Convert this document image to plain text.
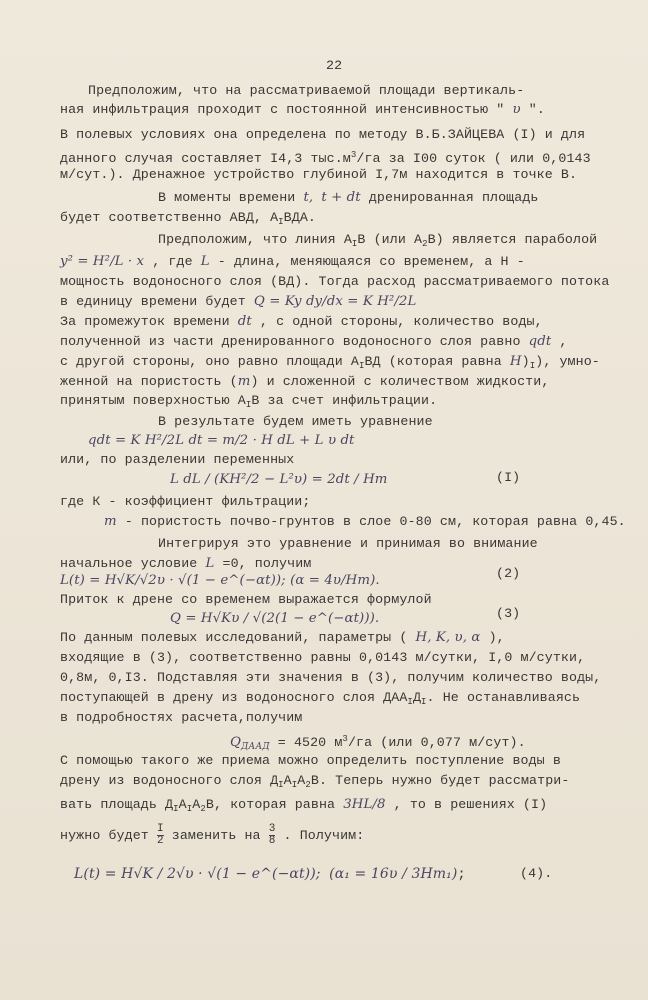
22
Предположим, что на рассматриваемой площади вертикаль-
ная инфильтрация проходит с постоянной интенсивностью " υ ".
В полевых условиях она определена по методу В.Б.ЗАЙЦЕВА (I) и для
данного случая составляет I4,3 $тыс.м^3/га$ за I00 суток ( или 0,0143
м/сут.). Дренажное устройство глубиной I,7м находится в точке В.
В моменты времени t, t + dt дренированная площадь
будет соответственно АВД, $А_IВДА$.
Предположим, что линия $А_IВ$ (или $А_2В$) является параболой
y² = H²/L · x , где L - длина, меняющаяся со временем, а Н -
мощность водоносного слоя (ВД). Тогда расход рассматриваемого потока
в единицу времени будет Q = Ky dy/dx = K H²/2L
За промежуток времени dt , с одной стороны, количество воды,
полученной из части дренированного водоносного слоя равно qdt ,
с другой стороны, оно равно площади $А_IВД$ (которая равна $H)_I$), умно-
женной на пористость (m) и сложенной с количеством жидкости,
принятым поверхностью $А_IВ$ за счет инфильтрации.
В результате будем иметь уравнение
qdt = K H²/2L dt = m/2 · H dL + L υ dt
или, по разделении переменных
L dL / (KH²/2 − L²υ) = 2dt / Hm	(I)
где К - коэффициент фильтрации;
m - пористость почво-грунтов в слое 0-80 см, которая равна 0,45.
Интегрируя это уравнение и принимая во внимание
начальное условие L =0, получим
L(t) = H√K/√2υ · √(1 − e^(−αt)); (α = 4υ/Hm).	(2)
Приток к дрене со временем выражается формулой
Q = H√Kυ / √(2(1 − e^(−αt))).	(3)
По данным полевых исследований, параметры ( H, K, υ, α ),
входящие в (3), соответственно равны 0,0143 м/сутки, I,0 м/сутки,
0,8м, 0,I3. Подставляя эти значения в (3), получим количество воды,
поступающей в дрену из водоносного слоя $ДАА_IД_I$. Не останавливаясь
в подробностях расчета,получим
$Q_{ДААД} = 4520$ $м^3/га$ (или 0,077 м/сут).
С помощью такого же приема можно определить поступление воды в
дрену из водоносного слоя $Д_IА_IА_2В$. Теперь нужно будет рассматри-
вать площадь $Д_IА_IА_2В$, которая равна 3HL/8 , то в решениях (I)
нужно будет $\frac{I}{2}$ заменить на $\frac{3}{8}$ . Получим:
L(t) = H√K / 2√υ · √(1 − e^(−αt)); (α₁ = 16υ / 3Hm₁);	(4).
